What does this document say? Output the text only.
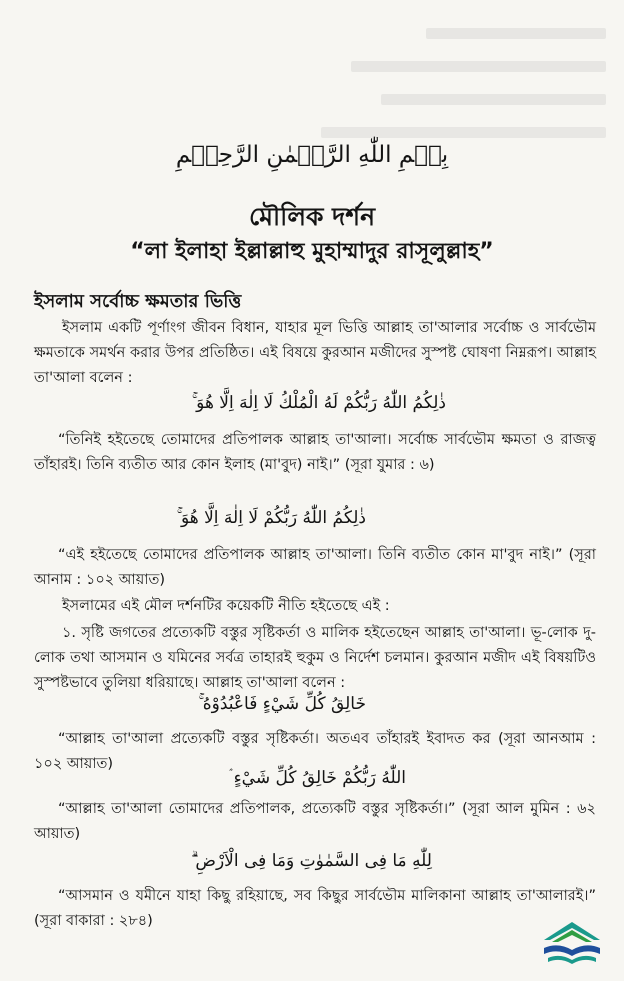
بِسۡمِ اللّٰهِ الرَّحۡمٰنِ الرَّحِیۡمِ
মৌলিক দর্শন
“লা ইলাহা ইল্লাল্লাহু মুহাম্মাদুর রাসূলুল্লাহ”
ইসলাম সর্বোচ্চ ক্ষমতার ভিত্তি
ইসলাম একটি পূর্ণাংগ জীবন বিধান, যাহার মূল ভিত্তি আল্লাহ তা'আলার সর্বোচ্চ ও সার্বভৌম ক্ষমতাকে সমর্থন করার উপর প্রতিষ্ঠিত। এই বিষয়ে কুরআন মজীদের সুস্পষ্ট ঘোষণা নিম্নরূপ। আল্লাহ তা'আলা বলেন :
ذٰلِكُمُ اللّٰهُ رَبُّكُمْ لَهُ الْمُلْكُ لَا اِلٰهَ اِلَّا هُوَ ۚ
“তিনিই হইতেছে তোমাদের প্রতিপালক আল্লাহ তা'আলা। সর্বোচ্চ সার্বভৌম ক্ষমতা ও রাজত্ব তাঁহারই। তিনি ব্যতীত আর কোন ইলাহ (মা'বুদ) নাই।” (সূরা যুমার : ৬)
ذٰلِكُمُ اللّٰهُ رَبُّكُمْ لَا اِلٰهَ اِلَّا هُوَ ۚ
“এই হইতেছে তোমাদের প্রতিপালক আল্লাহ তা'আলা। তিনি ব্যতীত কোন মা'বুদ নাই।” (সূরা আনাম : ১০২ আয়াত)
ইসলামের এই মৌল দর্শনটির কয়েকটি নীতি হইতেছে এই :
১. সৃষ্টি জগতের প্রত্যেকটি বস্তুর সৃষ্টিকর্তা ও মালিক হইতেছেন আল্লাহ তা'আলা। ভূ-লোক দু-লোক তথা আসমান ও যমিনের সর্বত্র তাহারই হুকুম ও নির্দেশ চলমান। কুরআন মজীদ এই বিষয়টিও সুস্পষ্টভাবে তুলিয়া ধরিয়াছে। আল্লাহ তা'আলা বলেন :
خَالِقُ كُلِّ شَيْءٍ فَاعْبُدُوْهُ ۚ
“আল্লাহ তা'আলা প্রত্যেকটি বস্তুর সৃষ্টিকর্তা। অতএব তাঁহারই ইবাদত কর (সূরা আনআম : ১০২ আয়াত)
اللّٰهُ رَبُّكُمْ خَالِقُ كُلِّ شَيْءٍ ۘ
“আল্লাহ তা'আলা তোমাদের প্রতিপালক, প্রত্যেকটি বস্তুর সৃষ্টিকর্তা।” (সূরা আল মুমিন : ৬২ আয়াত)
لِلّٰهِ مَا فِى السَّمٰوٰتِ وَمَا فِى الْاَرْضِ ۗ
“আসমান ও যমীনে যাহা কিছু রহিয়াছে, সব কিছুর সার্বভৌম মালিকানা আল্লাহ তা'আলারই।” (সূরা বাকারা : ২৮৪)
